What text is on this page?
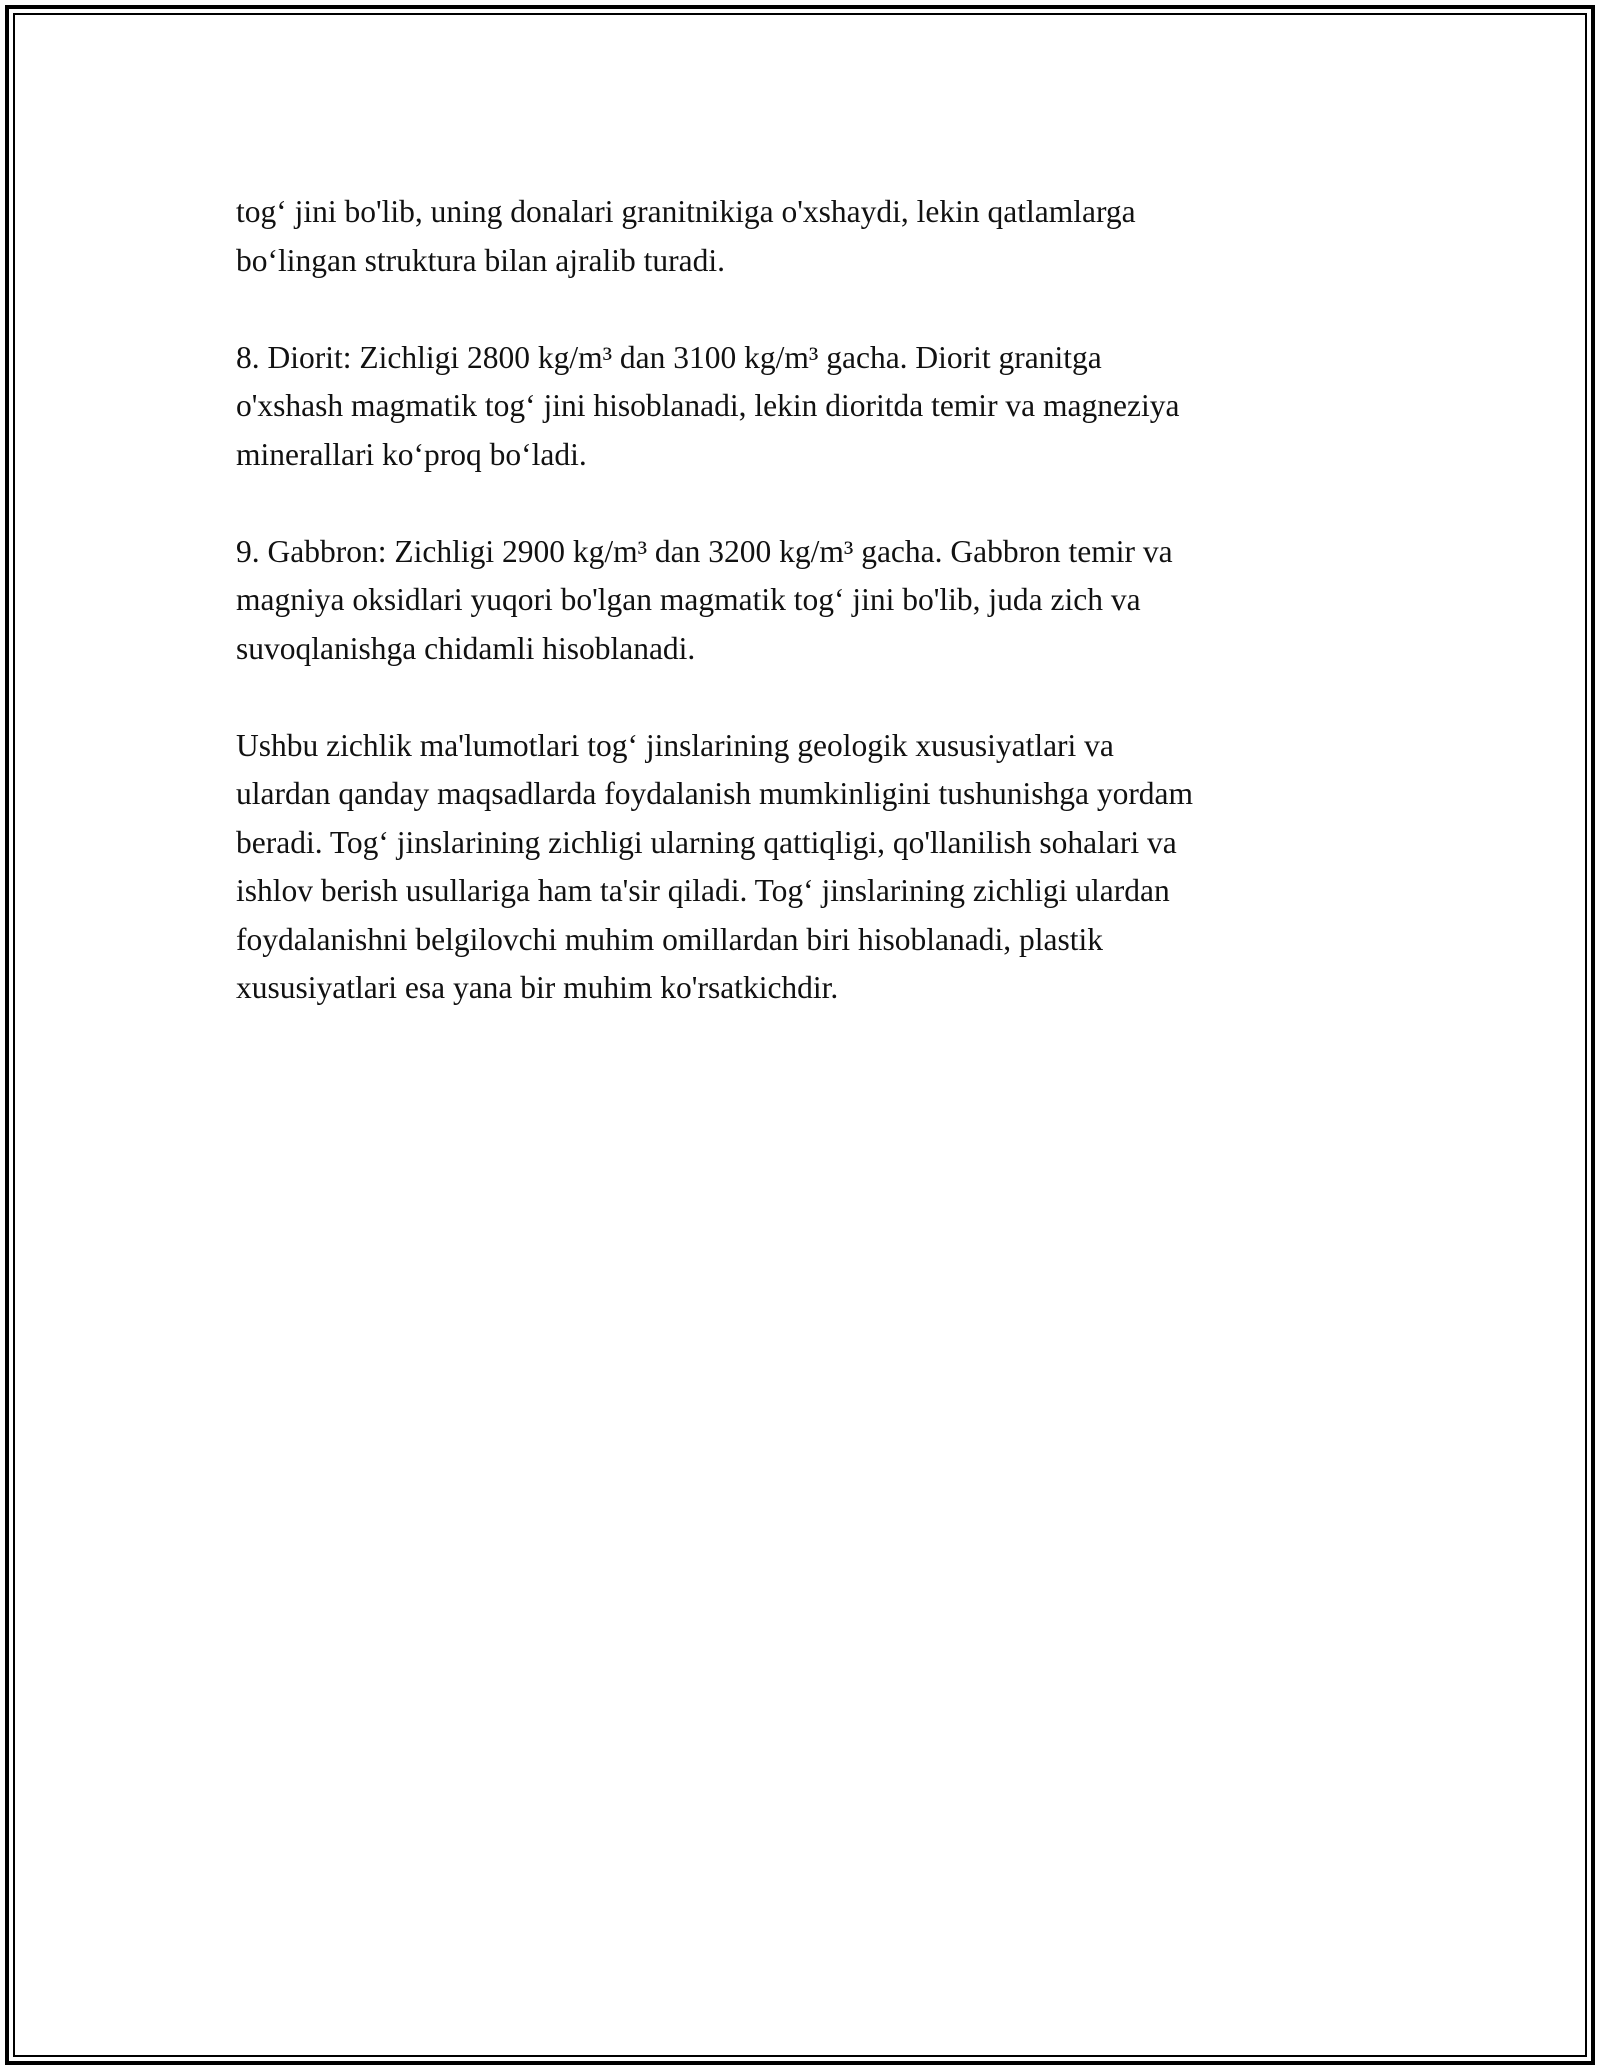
tog‘ jini bo'lib, uning donalari granitnikiga o'xshaydi, lekin qatlamlarga
bo‘lingan struktura bilan ajralib turadi.

8. Diorit: Zichligi 2800 kg/m³ dan 3100 kg/m³ gacha. Diorit granitga
o'xshash magmatik tog‘ jini hisoblanadi, lekin dioritda temir va magneziya
minerallari ko‘proq bo‘ladi.

9. Gabbron: Zichligi 2900 kg/m³ dan 3200 kg/m³ gacha. Gabbron temir va
magniya oksidlari yuqori bo'lgan magmatik tog‘ jini bo'lib, juda zich va
suvoqlanishga chidamli hisoblanadi.

Ushbu zichlik ma'lumotlari tog‘ jinslarining geologik xususiyatlari va
ulardan qanday maqsadlarda foydalanish mumkinligini tushunishga yordam
beradi. Tog‘ jinslarining zichligi ularning qattiqligi, qo'llanilish sohalari va
ishlov berish usullariga ham ta'sir qiladi. Tog‘ jinslarining zichligi ulardan
foydalanishni belgilovchi muhim omillardan biri hisoblanadi, plastik
xususiyatlari esa yana bir muhim ko'rsatkichdir.
